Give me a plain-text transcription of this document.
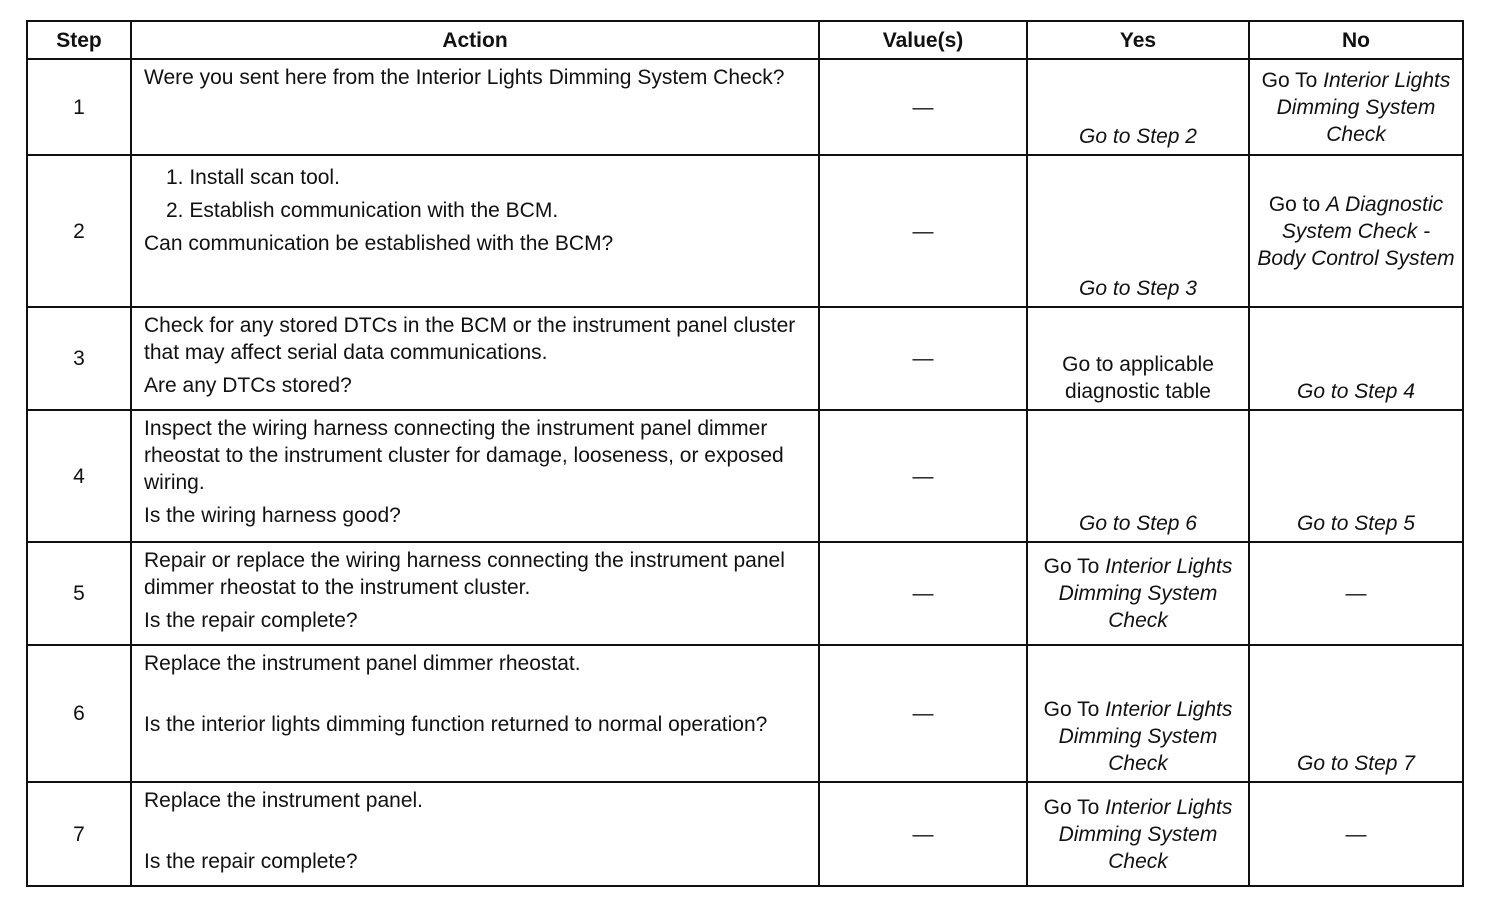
Step	Action	Value(s)	Yes	No
1	Were you sent here from the Interior Lights Dimming System Check?	—	Go to Step 2	Go To Interior Lights Dimming System Check
2	1. Install scan tool.
2. Establish communication with the BCM.
Can communication be established with the BCM?	—	Go to Step 3	Go to A Diagnostic System Check - Body Control System
3	Check for any stored DTCs in the BCM or the instrument panel cluster that may affect serial data communications.
Are any DTCs stored?	—	Go to applicable diagnostic table	Go to Step 4
4	Inspect the wiring harness connecting the instrument panel dimmer rheostat to the instrument cluster for damage, looseness, or exposed wiring.
Is the wiring harness good?	—	Go to Step 6	Go to Step 5
5	Repair or replace the wiring harness connecting the instrument panel dimmer rheostat to the instrument cluster.
Is the repair complete?	—	Go To Interior Lights Dimming System Check	—
6	Replace the instrument panel dimmer rheostat.
Is the interior lights dimming function returned to normal operation?	—	Go To Interior Lights Dimming System Check	Go to Step 7
7	Replace the instrument panel.
Is the repair complete?	—	Go To Interior Lights Dimming System Check	—
